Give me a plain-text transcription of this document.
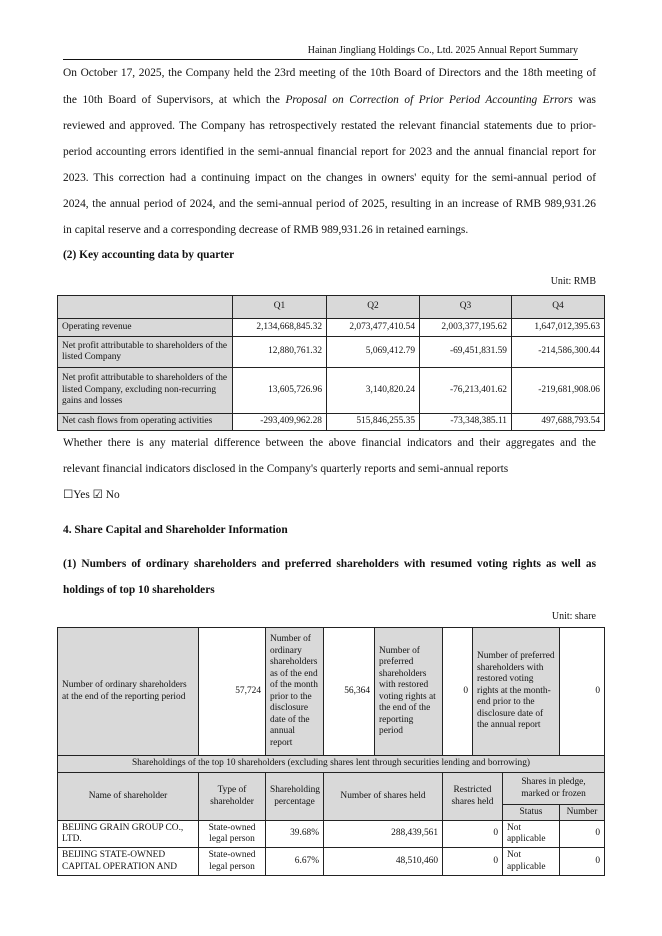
Hainan Jingliang Holdings Co., Ltd. 2025 Annual Report Summary
On October 17, 2025, the Company held the 23rd meeting of the 10th Board of Directors and the 18th meeting of
the 10th Board of Supervisors, at which the Proposal on Correction of Prior Period Accounting Errors was
reviewed and approved. The Company has retrospectively restated the relevant financial statements due to prior-
period accounting errors identified in the semi-annual financial report for 2023 and the annual financial report for
2023. This correction had a continuing impact on the changes in owners' equity for the semi-annual period of
2024, the annual period of 2024, and the semi-annual period of 2025, resulting in an increase of RMB 989,931.26
in capital reserve and a corresponding decrease of RMB 989,931.26 in retained earnings.
(2) Key accounting data by quarter
Unit: RMB
	Q1	Q2	Q3	Q4
Operating revenue	2,134,668,845.32	2,073,477,410.54	2,003,377,195.62	1,647,012,395.63
Net profit attributable to shareholders of the listed Company	12,880,761.32	5,069,412.79	-69,451,831.59	-214,586,300.44
Net profit attributable to shareholders of the listed Company, excluding non-recurring gains and losses	13,605,726.96	3,140,820.24	-76,213,401.62	-219,681,908.06
Net cash flows from operating activities	-293,409,962.28	515,846,255.35	-73,348,385.11	497,688,793.54
Whether there is any material difference between the above financial indicators and their aggregates and the
relevant financial indicators disclosed in the Company's quarterly reports and semi-annual reports
☐Yes ☑ No
4. Share Capital and Shareholder Information
(1) Numbers of ordinary shareholders and preferred shareholders with resumed voting rights as well as
holdings of top 10 shareholders
Unit: share
Number of ordinary shareholders at the end of the reporting period	57,724	Number of ordinary shareholders as of the end of the month prior to the disclosure date of the annual report	56,364	Number of preferred shareholders with restored voting rights at the end of the reporting period	0	Number of preferred shareholders with restored voting rights at the month-end prior to the disclosure date of the annual report		0
Shareholdings of the top 10 shareholders (excluding shares lent through securities lending and borrowing)								
Name of shareholder	Type of shareholder	Shareholding percentage	Number of shares held		Restricted shares held		Shares in pledge, marked or frozen	
							Status	Number
BEIJING GRAIN GROUP CO., LTD.	State-owned legal person	39.68%	288,439,561		0		Not applicable	0
BEIJING STATE-OWNED CAPITAL OPERATION AND	State-owned legal person	6.67%	48,510,460		0		Not applicable	0
